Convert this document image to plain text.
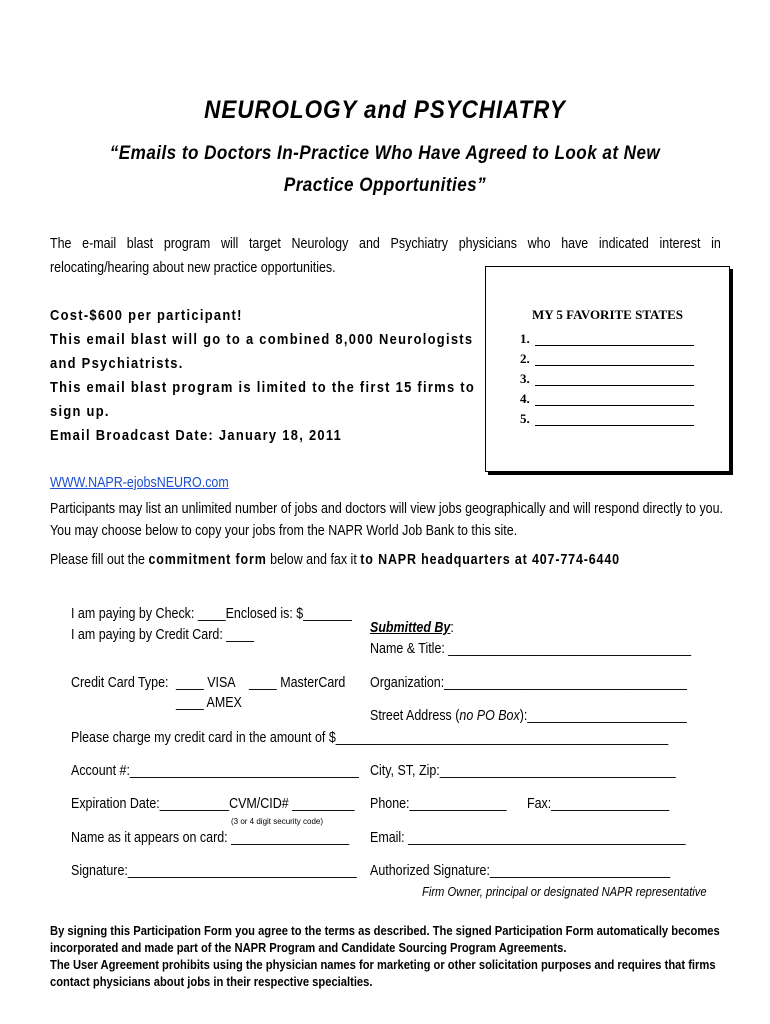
NEUROLOGY and PSYCHIATRY
“Emails to Doctors In-Practice Who Have Agreed to Look at New Practice Opportunities”
The e-mail blast program will target Neurology and Psychiatry physicians who have indicated interest in relocating/hearing about new practice opportunities.
Cost-$600 per participant!
This email blast will go to a combined 8,000 Neurologists and Psychiatrists.
This email blast program is limited to the first 15 firms to sign up.
Email Broadcast Date: January 18, 2011
MY 5 FAVORITE STATES
1.
2.
3.
4.
5.
WWW.NAPR-ejobsNEURO.com
Participants may list an unlimited number of jobs and doctors will view jobs geographically and will respond directly to you. You may choose below to copy your jobs from the NAPR World Job Bank to this site.
Please fill out the commitment form below and fax it to NAPR headquarters at 407-774-6440
I am paying by Check: ____Enclosed is: $_______
I am paying by Credit Card: ____
Credit Card Type: ____ VISA ____ MasterCard
____ AMEX
Please charge my credit card in the amount of $_____
Account #:_________________________________
Expiration Date:__________CVM/CID# _________
(3 or 4 digit security code)
Name as it appears on card: _________________
Signature:_________________________________
Submitted By:
Name & Title: ___________________________________
Organization:___________________________________
Street Address (no PO Box):_______________________
___________________________________________
City, ST, Zip:__________________________________
Phone:______________ Fax:_________________
Email: ________________________________________
Authorized Signature:__________________________
Firm Owner, principal or designated NAPR representative
By signing this Participation Form you agree to the terms as described. The signed Participation Form automatically becomes incorporated and made part of the NAPR Program and Candidate Sourcing Program Agreements.
The User Agreement prohibits using the physician names for marketing or other solicitation purposes and requires that firms contact physicians about jobs in their respective specialties.
